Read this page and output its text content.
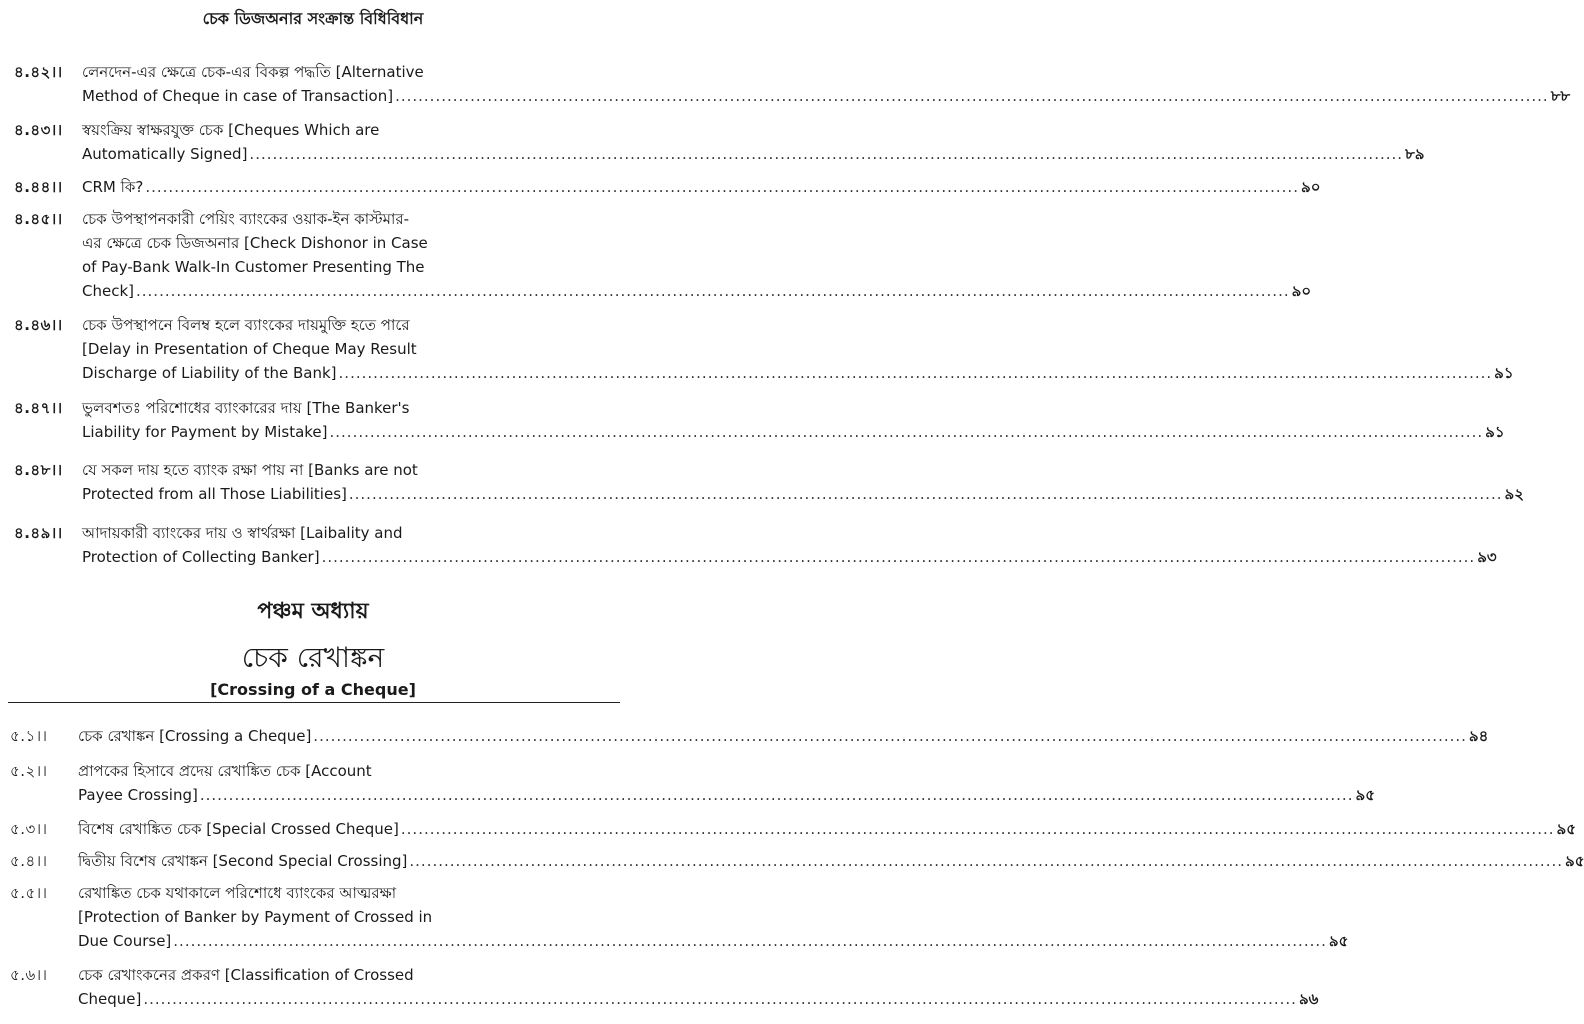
চেক ডিজঅনার সংক্রান্ত বিধিবিধান
৪.৪২।।	লেনদেন-এর ক্ষেত্রে চেক-এর বিকল্প পদ্ধতি [Alternative
Method of Cheque in case of Transaction] ........................................................................................................................................................................................................ ৮৮
৪.৪৩।।	স্বয়ংক্রিয় স্বাক্ষরযুক্ত চেক [Cheques Which are
Automatically Signed] ........................................................................................................................................................................................................ ৮৯
৪.৪৪।।	CRM কি? ........................................................................................................................................................................................................ ৯০
৪.৪৫।।	চেক উপস্থাপনকারী পেয়িং ব্যাংকের ওয়াক-ইন কাস্টমার-
এর ক্ষেত্রে চেক ডিজঅনার [Check Dishonor in Case
of Pay-Bank Walk-In Customer Presenting The
Check] ........................................................................................................................................................................................................ ৯০
৪.৪৬।।	চেক উপস্থাপনে বিলম্ব হলে ব্যাংকের দায়মুক্তি হতে পারে
[Delay in Presentation of Cheque May Result
Discharge of Liability of the Bank] ........................................................................................................................................................................................................ ৯১
৪.৪৭।।	ভুলবশতঃ পরিশোধের ব্যাংকারের দায় [The Banker's
Liability for Payment by Mistake] ........................................................................................................................................................................................................ ৯১
৪.৪৮।।	যে সকল দায় হতে ব্যাংক রক্ষা পায় না [Banks are not
Protected from all Those Liabilities] ........................................................................................................................................................................................................ ৯২
৪.৪৯।।	আদায়কারী ব্যাংকের দায় ও স্বার্থরক্ষা [Laibality and
Protection of Collecting Banker] ........................................................................................................................................................................................................ ৯৩
পঞ্চম অধ্যায়
চেক রেখাঙ্কন
[Crossing of a Cheque]
৫.১।।	চেক রেখাঙ্কন [Crossing a Cheque] ........................................................................................................................................................................................................ ৯৪
৫.২।।	প্রাপকের হিসাবে প্রদেয় রেখাঙ্কিত চেক [Account
Payee Crossing] ........................................................................................................................................................................................................ ৯৫
৫.৩।।	বিশেষ রেখাঙ্কিত চেক [Special Crossed Cheque] ........................................................................................................................................................................................................ ৯৫
৫.৪।।	দ্বিতীয় বিশেষ রেখাঙ্কন [Second Special Crossing] ........................................................................................................................................................................................................ ৯৫
৫.৫।।	রেখাঙ্কিত চেক যথাকালে পরিশোধে ব্যাংকের আত্মরক্ষা
[Protection of Banker by Payment of Crossed in
Due Course] ........................................................................................................................................................................................................ ৯৫
৫.৬।।	চেক রেখাংকনের প্রকরণ [Classification of Crossed
Cheque] ........................................................................................................................................................................................................ ৯৬
